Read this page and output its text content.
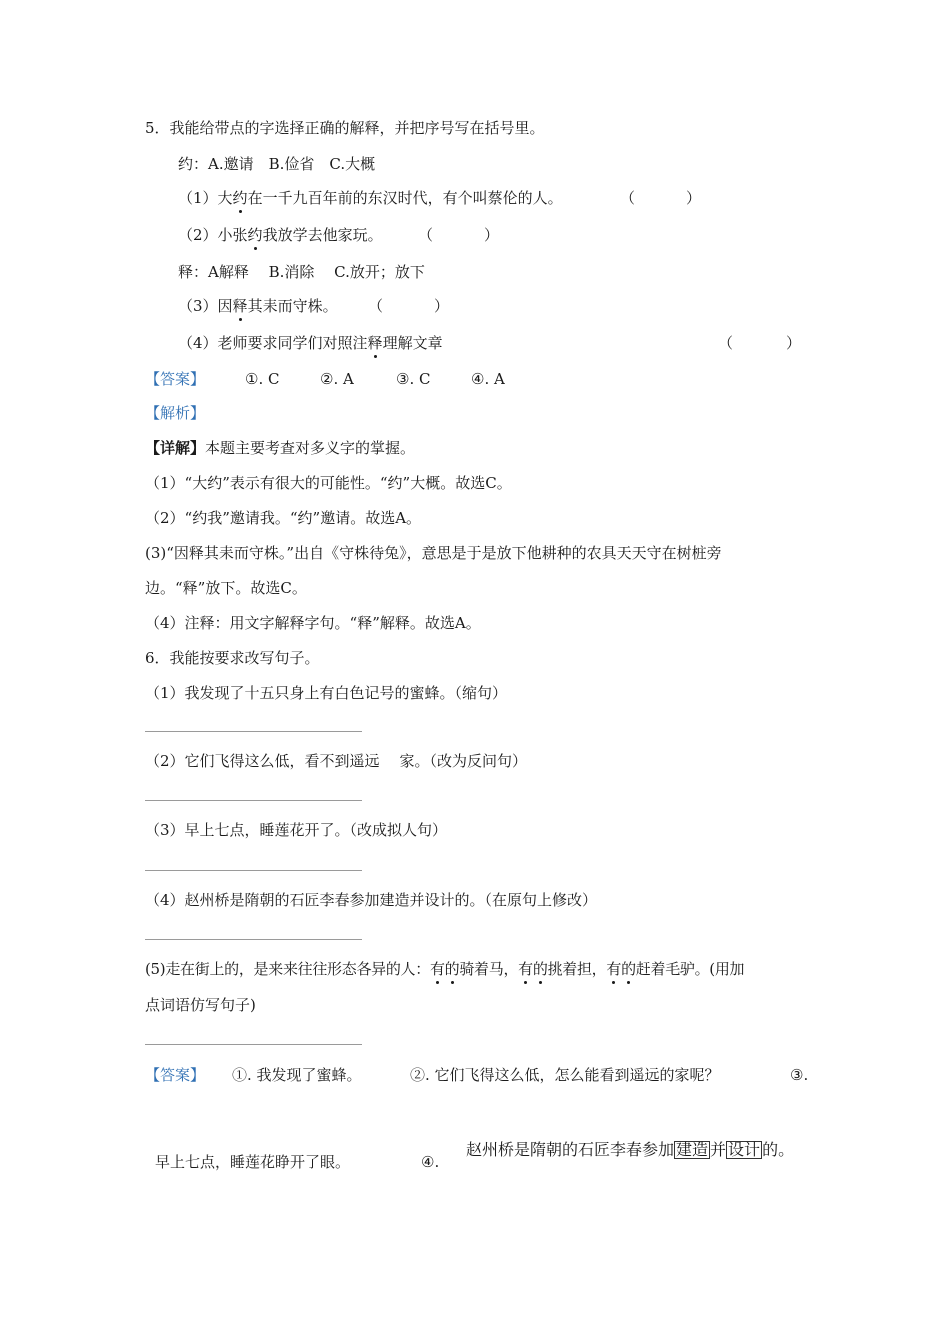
5．我能给带点的字选择正确的解释，并把序号写在括号里。
约：A.邀请　B.俭省　C.大概
（1）大约在一千九百年前的东汉时代，有个叫蔡伦的人。	（	）
（2）小张约我放学去他家玩。 （	）
释：A解释　 B.消除　 C.放开；放下
（3）因释其耒而守株。 （	）
（4）老师要求同学们对照注释理解文章	（	）
【答案】	①. C	②. A	③. C	④. A
【解析】
【详解】本题主要考查对多义字的掌握。
（1）“大约”表示有很大的可能性。“约”大概。故选C。
（2）“约我”邀请我。“约”邀请。故选A。
(3)“因释其耒而守株。”出自《守株待兔》，意思是于是放下他耕种的农具天天守在树桩旁
边。“释”放下。故选C。
（4）注释：用文字解释字句。“释”解释。故选A。
6．我能按要求改写句子。
（1）我发现了十五只身上有白色记号的蜜蜂。（缩句）
（2）它们飞得这么低，看不到遥远 家。（改为反问句）
（3）早上七点，睡莲花开了。（改成拟人句）
（4）赵州桥是隋朝的石匠李春参加建造并设计的。（在原句上修改）
(5)走在街上的，是来来往往形态各异的人：有的骑着马，有的挑着担，有的赶着毛驴。(用加
点词语仿写句子)
【答案】 ①. 我发现了蜜蜂。	②. 它们飞得这么低，怎么能看到遥远的家呢？	③.
早上七点，睡莲花睁开了眼。	④.
赵州桥是隋朝的石匠李春参加 建造 并 设计 的。
